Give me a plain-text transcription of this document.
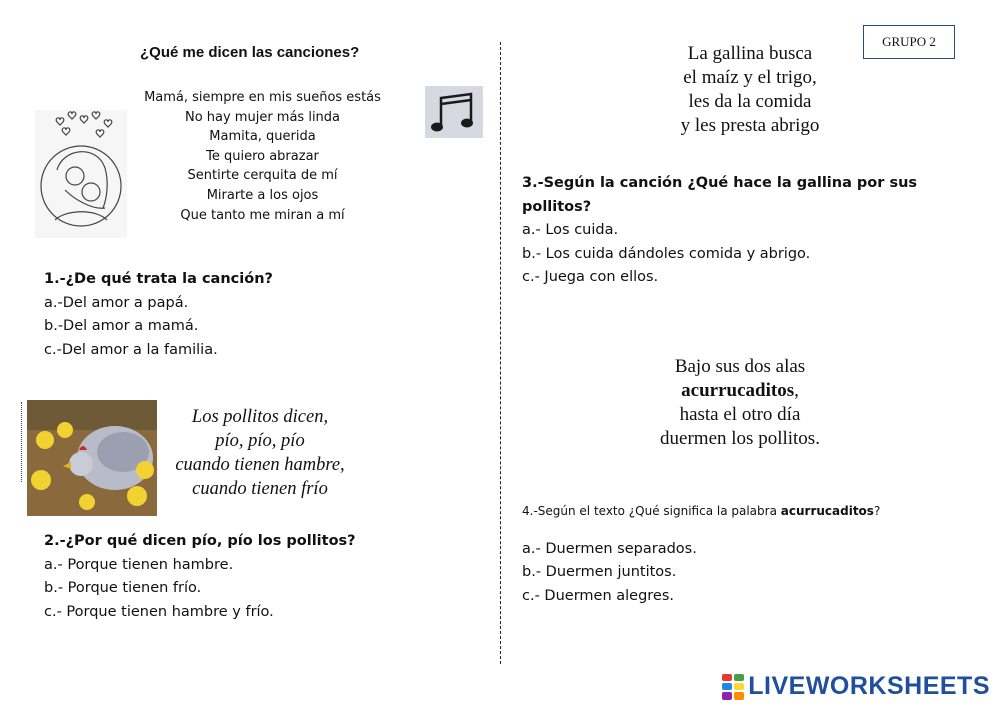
¿Qué me dicen las canciones?
GRUPO 2
Mamá, siempre en mis sueños estás
No hay mujer más linda
Mamita, querida
Te quiero abrazar
Sentirte cerquita de mí
Mirarte a los ojos
Que tanto me miran a mí
1.-¿De qué trata la canción?
a.-Del amor a papá.
b.-Del amor a mamá.
c.-Del amor a la familia.
Los pollitos dicen,
pío, pío, pío
cuando tienen hambre,
cuando tienen frío
2.-¿Por qué dicen pío, pío los pollitos?
a.- Porque tienen hambre.
b.- Porque tienen frío.
c.- Porque tienen hambre y frío.
La gallina busca
el maíz y el trigo,
les da la comida
y les presta abrigo
3.-Según la canción ¿Qué hace la gallina por sus
pollitos?
a.- Los cuida.
b.- Los cuida dándoles comida y abrigo.
c.- Juega con ellos.
Bajo sus dos alas
acurrucaditos,
hasta el otro día
duermen los pollitos.
4.-Según el texto ¿Qué significa la palabra acurrucaditos?
a.- Duermen separados.
b.- Duermen juntitos.
c.- Duermen alegres.
LIVEWORKSHEETS
